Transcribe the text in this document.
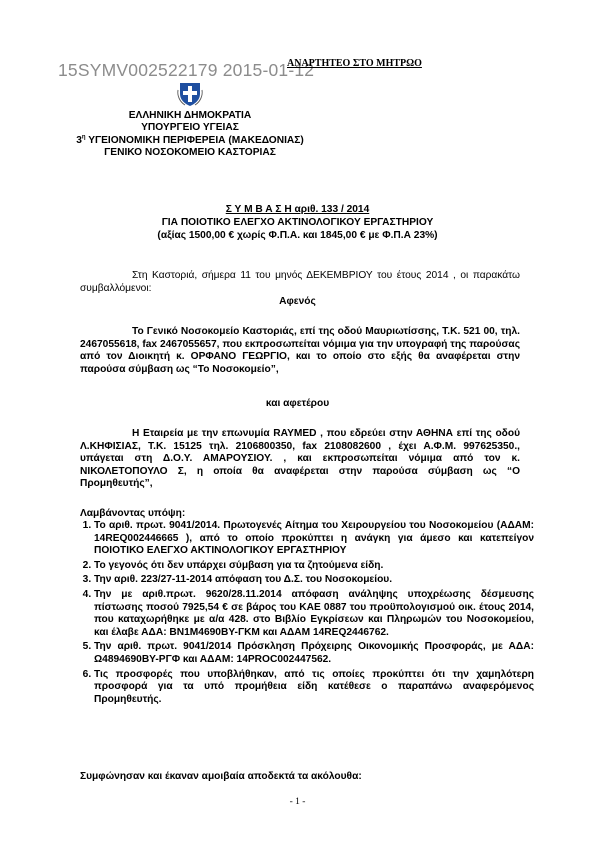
15SYMV002522179 2015-01-12
ΑΝΑΡΤΗΤΕΟ ΣΤΟ ΜΗΤΡΩΟ
ΕΛΛΗΝΙΚΗ ΔΗΜΟΚΡΑΤΙΑ
ΥΠΟΥΡΓΕΙΟ ΥΓΕΙΑΣ
$3^\eta$ ΥΓΕΙΟΝΟΜΙΚΗ ΠΕΡΙΦΕΡΕΙΑ (ΜΑΚΕΔΟΝΙΑΣ)
ΓΕΝΙΚΟ ΝΟΣΟΚΟΜΕΙΟ ΚΑΣΤΟΡΙΑΣ
Σ Υ Μ Β Α Σ Η αριθ. 133 / 2014
ΓΙΑ ΠΟΙΟΤΙΚΟ ΕΛΕΓΧΟ ΑΚΤΙΝΟΛΟΓΙΚΟΥ ΕΡΓΑΣΤΗΡΙΟΥ
(αξίας 1500,00 € χωρίς Φ.Π.Α. και 1845,00 € με Φ.Π.Α 23%)
Στη Καστοριά, σήμερα 11 του μηνός ΔΕΚΕΜΒΡΙΟΥ του έτους 2014 , οι παρακάτω συμβαλλόμενοι:
Αφενός
Το Γενικό Νοσοκομείο Καστοριάς, επί της οδού Μαυριωτίσσης, Τ.Κ. 521 00, τηλ. 2467055618, fax 2467055657, που εκπροσωπείται νόμιμα για την υπογραφή της παρούσας από τον Διοικητή κ. ΟΡΦΑΝΟ ΓΕΩΡΓΙΟ, και το οποίο στο εξής θα αναφέρεται στην παρούσα σύμβαση ως “Το Νοσοκομείο”,
και αφετέρου
Η Εταιρεία με την επωνυμία RAYMED , που εδρεύει στην ΑΘΗΝΑ επί της οδού Λ.ΚΗΦΙΣΙΑΣ, Τ.Κ. 15125 τηλ. 2106800350, fax 2108082600 , έχει Α.Φ.Μ. 997625350., υπάγεται στη Δ.Ο.Υ. ΑΜΑΡΟΥΣΙΟΥ. , και εκπροσωπείται νόμιμα από τον κ. ΝΙΚΟΛΕΤΟΠΟΥΛΟ Σ, η οποία θα αναφέρεται στην παρούσα σύμβαση ως “Ο Προμηθευτής”,
Λαμβάνοντας υπόψη:
1. Το αριθ. πρωτ. 9041/2014. Πρωτογενές Αίτημα του Χειρουργείου του Νοσοκομείου (ΑΔΑΜ: 14REQ002446665 ), από το οποίο προκύπτει η ανάγκη για άμεσο και κατεπείγον ΠΟΙΟΤΙΚΟ ΕΛΕΓΧΟ ΑΚΤΙΝΟΛΟΓΙΚΟΥ ΕΡΓΑΣΤΗΡΙΟΥ
2. Το γεγονός ότι δεν υπάρχει σύμβαση για τα ζητούμενα είδη.
3. Την αριθ. 223/27-11-2014 απόφαση του Δ.Σ. του Νοσοκομείου.
4. Την με αριθ.πρωτ. 9620/28.11.2014 απόφαση ανάληψης υποχρέωσης δέσμευσης πίστωσης ποσού 7925,54 € σε βάρος του ΚΑΕ 0887 του προϋπολογισμού οικ. έτους 2014, που καταχωρήθηκε με α/α 428. στο Βιβλίο Εγκρίσεων και Πληρωμών του Νοσοκομείου, και έλαβε ΑΔΑ: ΒΝ1Μ4690ΒΥ-ΓΚΜ και ΑΔΑΜ 14REQ2446762.
5. Την αριθ. πρωτ. 9041/2014 Πρόσκληση Πρόχειρης Οικονομικής Προσφοράς, με ΑΔΑ: Ω4894690ΒΥ-ΡΓΦ και ΑΔΑΜ: 14PROC002447562.
6. Τις προσφορές που υποβλήθηκαν, από τις οποίες προκύπτει ότι την χαμηλότερη προσφορά για τα υπό προμήθεια είδη κατέθεσε ο παραπάνω αναφερόμενος Προμηθευτής.
Συμφώνησαν και έκαναν αμοιβαία αποδεκτά τα ακόλουθα:
- 1 -
